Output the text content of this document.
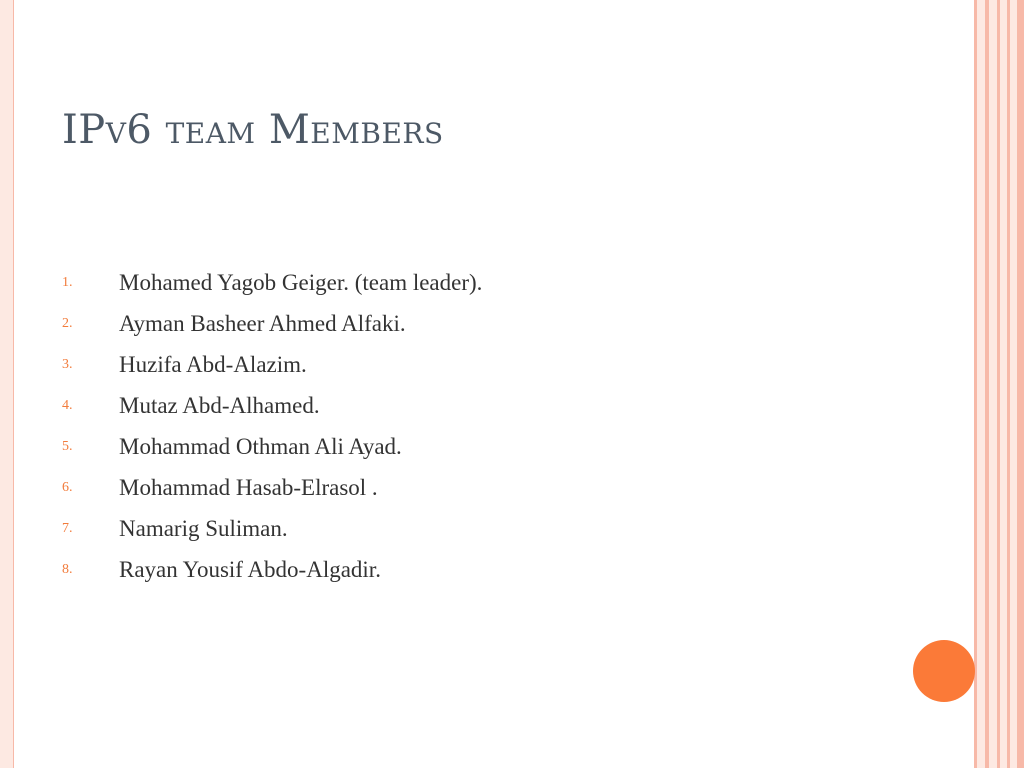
IPv6 team Members
1. Mohamed Yagob Geiger. (team leader).
2. Ayman Basheer Ahmed Alfaki.
3. Huzifa Abd-Alazim.
4. Mutaz Abd-Alhamed.
5. Mohammad Othman Ali Ayad.
6. Mohammad Hasab-Elrasol .
7. Namarig Suliman.
8. Rayan Yousif Abdo-Algadir.
